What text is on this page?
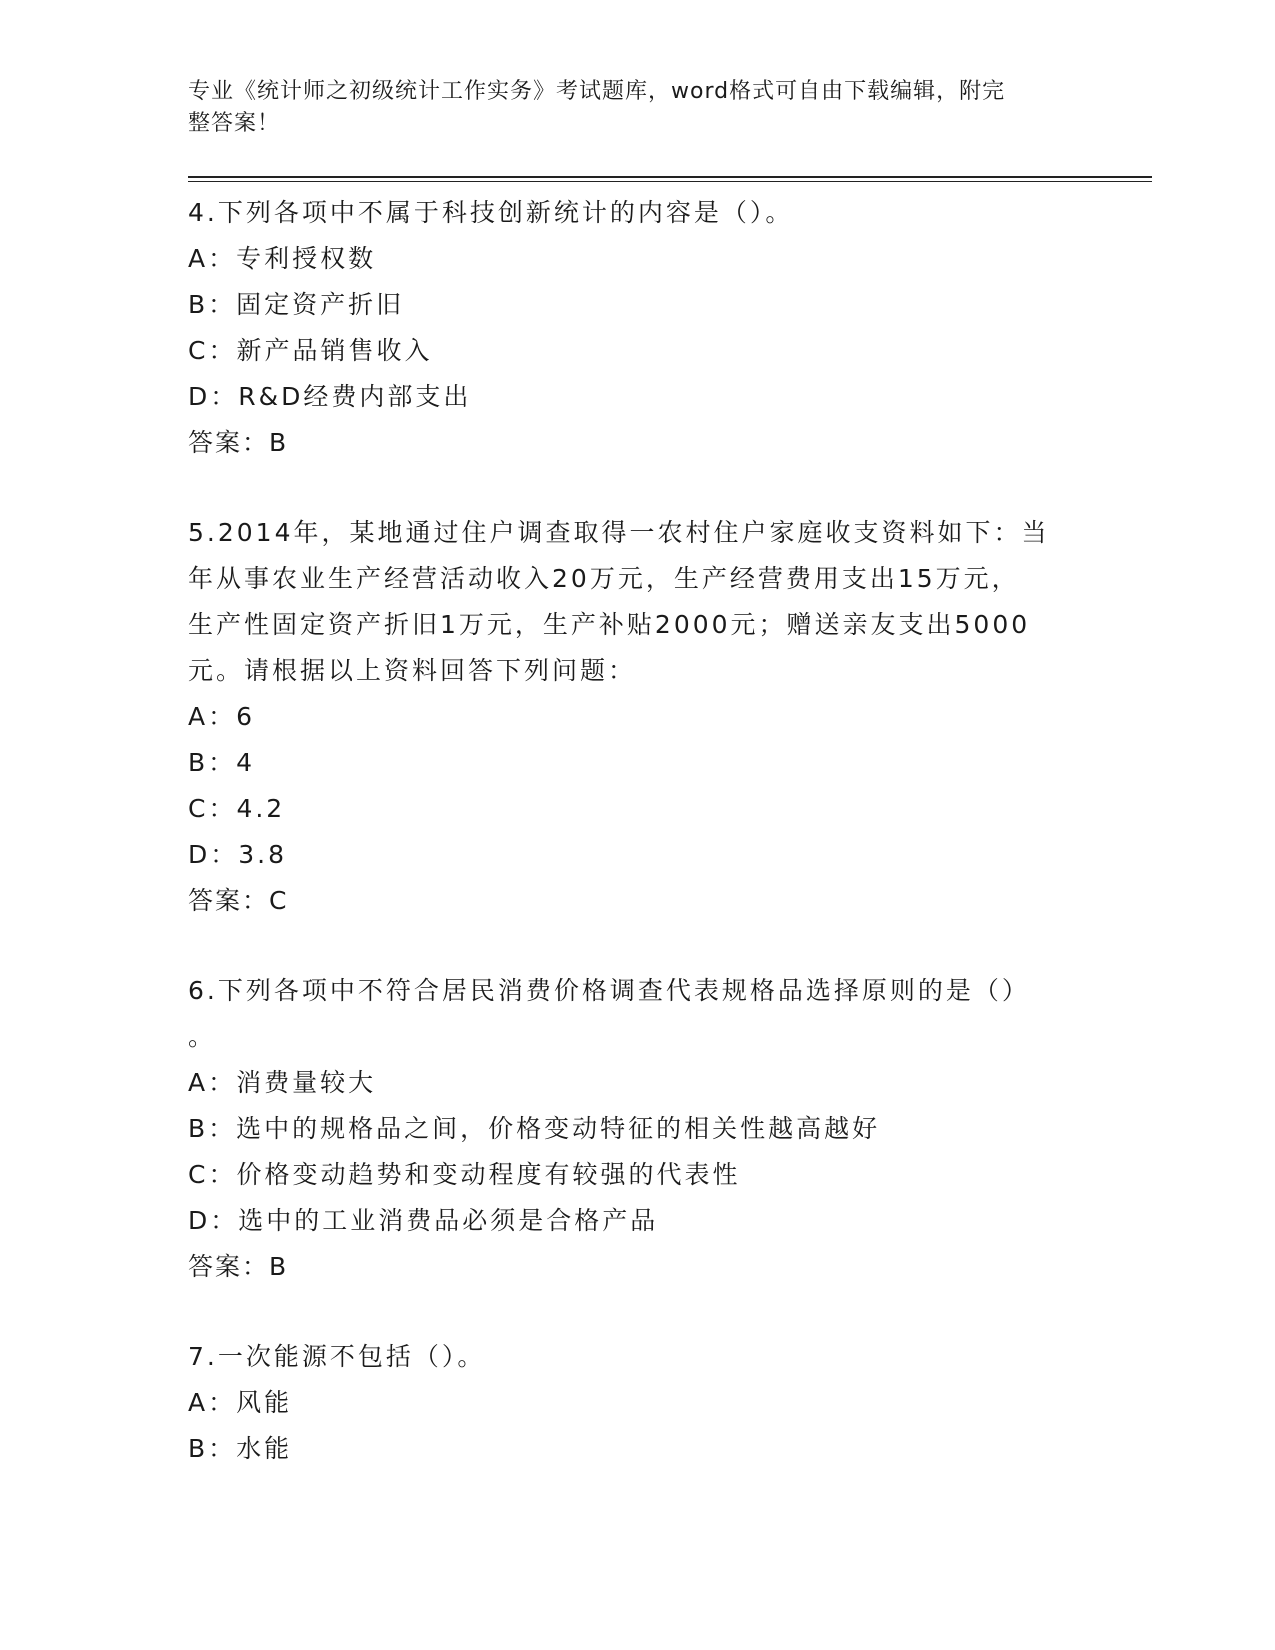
专业《统计师之初级统计工作实务》考试题库，word格式可自由下载编辑，附完
整答案！
4.下列各项中不属于科技创新统计的内容是（）。
A：专利授权数
B：固定资产折旧
C：新产品销售收入
D：R&D经费内部支出
答案：B
5.2014年，某地通过住户调查取得一农村住户家庭收支资料如下：当
年从事农业生产经营活动收入20万元，生产经营费用支出15万元，
生产性固定资产折旧1万元，生产补贴2000元；赠送亲友支出5000
元。请根据以上资料回答下列问题：
A：6
B：4
C：4.2
D：3.8
答案：C
6.下列各项中不符合居民消费价格调查代表规格品选择原则的是（）
。
A：消费量较大
B：选中的规格品之间，价格变动特征的相关性越高越好
C：价格变动趋势和变动程度有较强的代表性
D：选中的工业消费品必须是合格产品
答案：B
7.一次能源不包括（）。
A：风能
B：水能
